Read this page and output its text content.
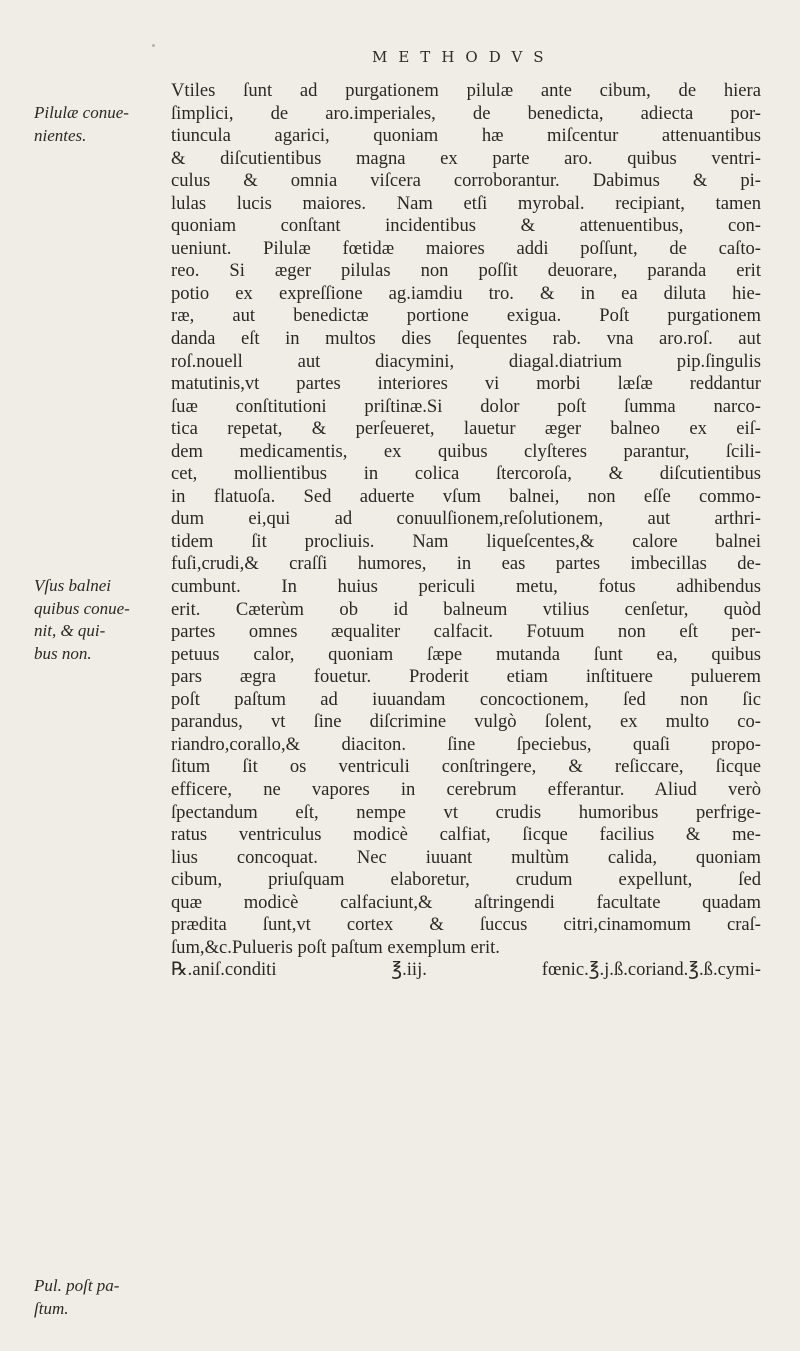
METHODVS
Pilulæ conue-
nientes.
Vſus balnei
quibus conue-
nit, & qui-
bus non.
Pul. poſt pa-
ſtum.
Vtiles ſunt ad purgationem pilulæ ante cibum, de hiera
ſimplici, de aro.imperiales, de benedicta, adiecta por-
tiuncula agarici, quoniam hæ miſcentur attenuantibus
& diſcutientibus magna ex parte aro. quibus ventri-
culus & omnia viſcera corroborantur. Dabimus & pi-
lulas lucis maiores. Nam etſi myrobal. recipiant, tamen
quoniam conſtant incidentibus & attenuentibus, con-
ueniunt. Pilulæ fœtidæ maiores addi poſſunt, de caſto-
reo. Si æger pilulas non poſſit deuorare, paranda erit
potio ex expreſſione ag.iamdiu tro. & in ea diluta hie-
ræ, aut benedictæ portione exigua. Poſt purgationem
danda eſt in multos dies ſequentes rab. vna aro.roſ. aut
roſ.nouell aut diacymini, diagal.diatrium pip.ſingulis
matutinis,vt partes interiores vi morbi læſæ reddantur
ſuæ conſtitutioni priſtinæ.Si dolor poſt ſumma narco-
tica repetat, & perſeueret, lauetur æger balneo ex eiſ-
dem medicamentis, ex quibus clyſteres parantur, ſcili-
cet, mollientibus in colica ſtercoroſa, & diſcutientibus
in flatuoſa. Sed aduerte vſum balnei, non eſſe commo-
dum ei,qui ad conuulſionem,reſolutionem, aut arthri-
tidem ſit procliuis. Nam liqueſcentes,& calore balnei
fuſi,crudi,& craſſi humores, in eas partes imbecillas de-
cumbunt. In huius periculi metu, fotus adhibendus
erit. Cæterùm ob id balneum vtilius cenſetur, quòd
partes omnes æqualiter calfacit. Fotuum non eſt per-
petuus calor, quoniam ſæpe mutanda ſunt ea, quibus
pars ægra fouetur. Proderit etiam inſtituere puluerem
poſt paſtum ad iuuandam concoctionem, ſed non ſic
parandus, vt ſine diſcrimine vulgò ſolent, ex multo co-
riandro,corallo,& diaciton. ſine ſpeciebus, quaſi propo-
ſitum ſit os ventriculi conſtringere, & reſiccare, ſicque
efficere, ne vapores in cerebrum efferantur. Aliud verò
ſpectandum eſt, nempe vt crudis humoribus perfrige-
ratus ventriculus modicè calfiat, ſicque facilius & me-
lius concoquat. Nec iuuant multùm calida, quoniam
cibum, priuſquam elaboretur, crudum expellunt, ſed
quæ modicè calfaciunt,& aſtringendi facultate quadam
prædita ſunt,vt cortex & ſuccus citri,cinamomum craſ-
ſum,&c.Pulueris poſt paſtum exemplum erit.
℞.aniſ.conditi ℥.iij. fœnic.℥.j.ß.coriand.℥.ß.cymi-
